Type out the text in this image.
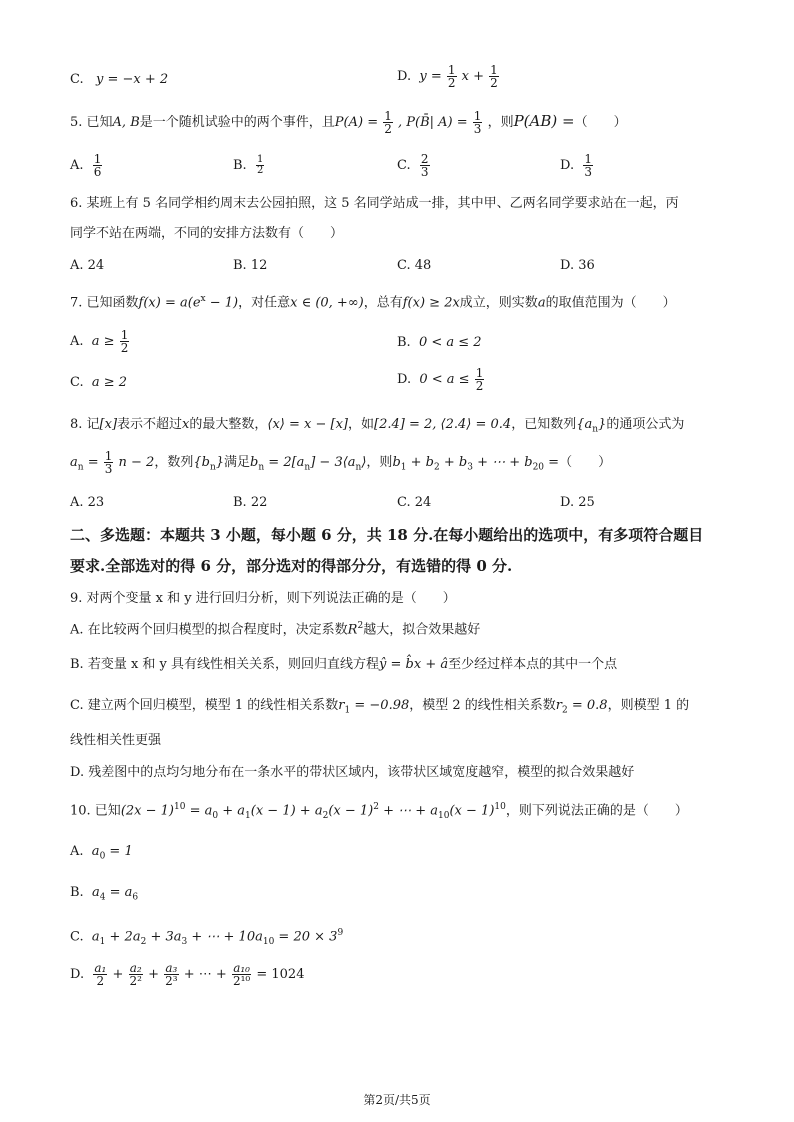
C. y = −x + 2	D. $y = \frac{1}{2}$ $x + \frac{1}{2}$
5. 已知A, B是一个随机试验中的两个事件，且$P(A) = \frac{1}{2}$ , P(B̄| $A) = \frac{1}{3}$ ，则P(AB) =（　　）
A. $\frac{1}{6}$	B. $\frac{1}{2}$	C. $\frac{2}{3}$	D. $\frac{1}{3}$
6. 某班上有 5 名同学相约周末去公园拍照，这 5 名同学站成一排，其中甲、乙两名同学要求站在一起，丙
同学不站在两端，不同的安排方法数有（　　）
A. 24	B. 12	C. 48	D. 36
7. 已知函数$f(x) = a(e^x - 1)$，对任意x ∈ (0, +∞)，总有f(x) ≥ 2x成立，则实数a的取值范围为（　　）
A. $a \ge \frac{1}{2}$	B. 0 < a ≤ 2
C. a ≥ 2	D. $0 < a \le \frac{1}{2}$
8. 记[x]表示不超过x的最大整数，⟨x⟩ = x − [x]，如[2.4] = 2, ⟨2.4⟩ = 0.4，已知数列$\{a_n\}$的通项公式为
$a_n = \frac{1}{3}$ n − 2，数列$\{b_n\}$满足$b_n = 2[a_n]$ − $3⟨a_n⟩$，则$b_1 + b_2 + b_3$ + ⋯ + $b_{20}$ =（　　）
A. 23	B. 22	C. 24	D. 25
二、多选题：本题共 3 小题，每小题 6 分，共 18 分.在每小题给出的选项中，有多项符合题目
要求.全部选对的得 6 分，部分选对的得部分分，有选错的得 0 分.
9. 对两个变量 x 和 y 进行回归分析，则下列说法正确的是（　　）
A. 在比较两个回归模型的拟合程度时，决定系数$R^2$越大，拟合效果越好
B. 若变量 x 和 y 具有线性相关关系，则回归直线方程ŷ = b̂x + â至少经过样本点的其中一个点
C. 建立两个回归模型，模型 1 的线性相关系数$r_1 = -0.98$，模型 2 的线性相关系数$r_2 = 0.8$，则模型 1 的
线性相关性更强
D. 残差图中的点均匀地分布在一条水平的带状区域内，该带状区域宽度越窄，模型的拟合效果越好
10. 已知$(2x - 1)^{10} = a_0 + a_1(x - 1) + a_2(x - 1)^2$ + ⋯ + $a_{10}(x - 1)^{10}$，则下列说法正确的是（　　）
A. $a_0 = 1$
B. $a_4 = a_6$
C. $a_1 + 2a_2 + 3a_3$ + ⋯ + $10a_{10} = 20 \times 3^9$
D. $\frac{\text{a₁}}{2} + \frac{\text{a₂}}{\text{2²}} + \frac{\text{a₃}}{\text{2³}}$ + ⋯ + $\frac{\text{a₁₀}}{\text{2¹⁰}} = 1024$
第2页/共5页
